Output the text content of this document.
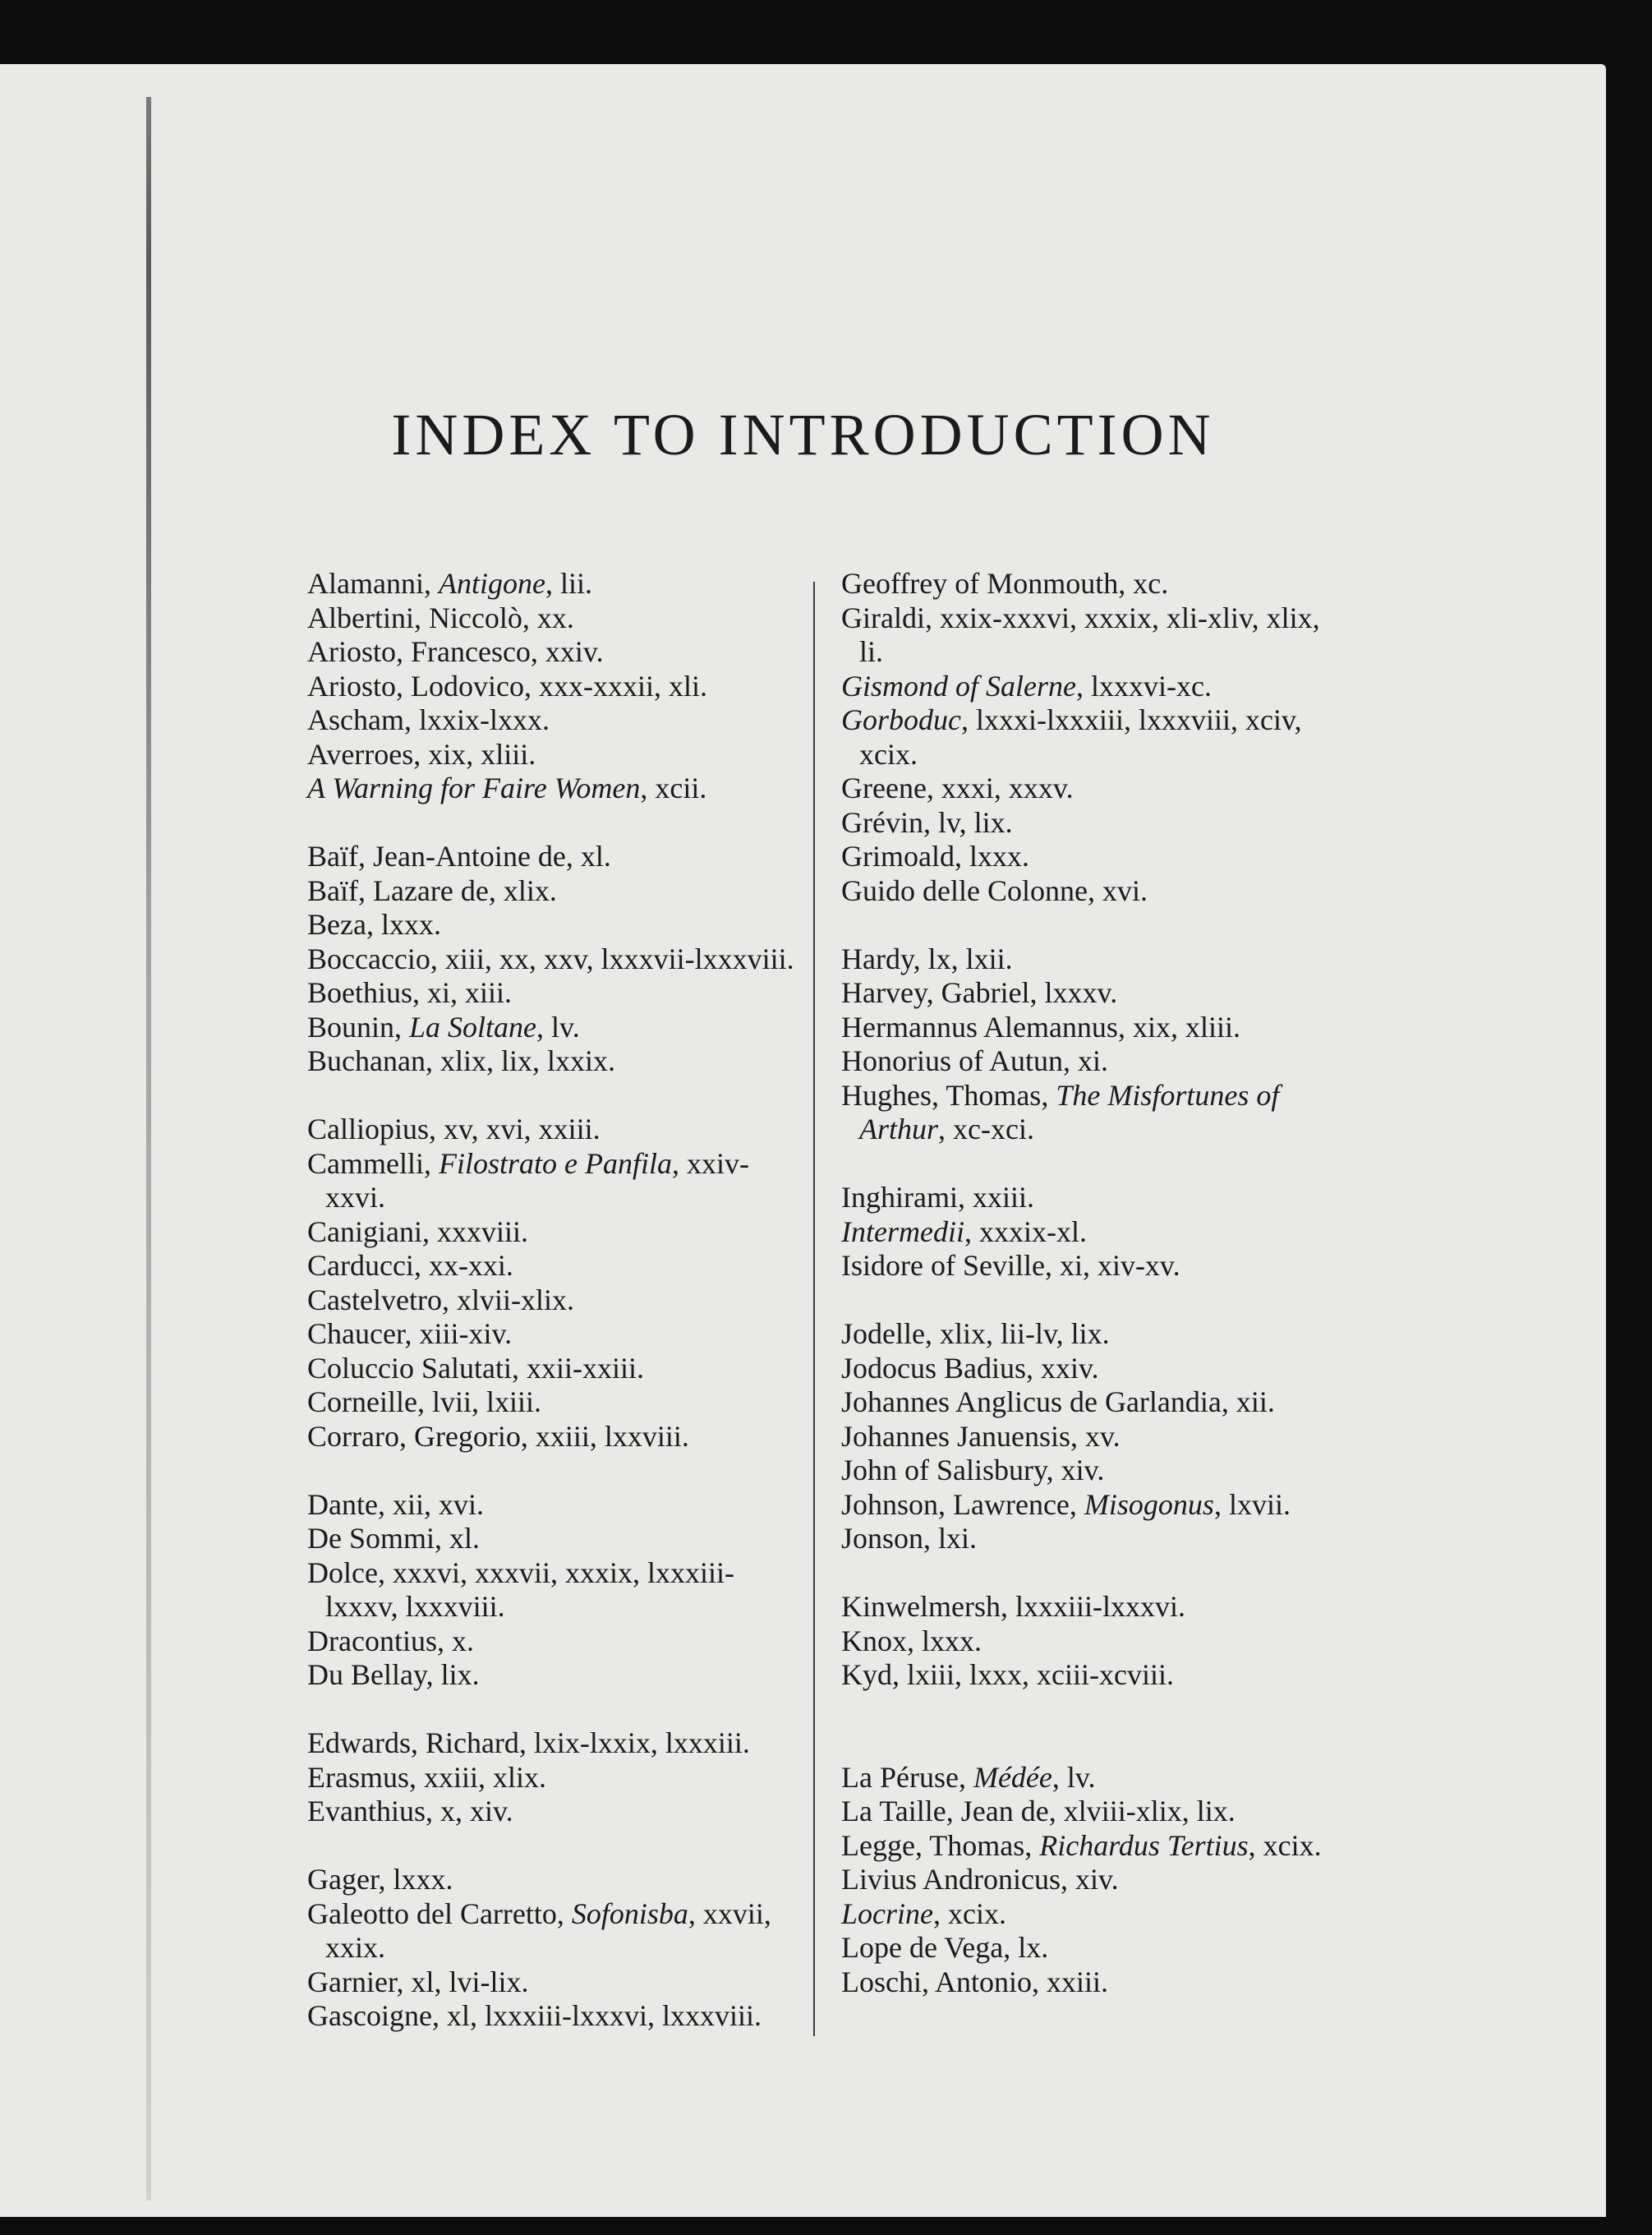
INDEX TO INTRODUCTION
Alamanni, Antigone, lii.
Albertini, Niccolò, xx.
Ariosto, Francesco, xxiv.
Ariosto, Lodovico, xxx-xxxii, xli.
Ascham, lxxix-lxxx.
Averroes, xix, xliii.
A Warning for Faire Women, xcii.
Baïf, Jean-Antoine de, xl.
Baïf, Lazare de, xlix.
Beza, lxxx.
Boccaccio, xiii, xx, xxv, lxxxvii-lxxxviii.
Boethius, xi, xiii.
Bounin, La Soltane, lv.
Buchanan, xlix, lix, lxxix.
Calliopius, xv, xvi, xxiii.
Cammelli, Filostrato e Panfila, xxiv-xxvi.
Canigiani, xxxviii.
Carducci, xx-xxi.
Castelvetro, xlvii-xlix.
Chaucer, xiii-xiv.
Coluccio Salutati, xxii-xxiii.
Corneille, lvii, lxiii.
Corraro, Gregorio, xxiii, lxxviii.
Dante, xii, xvi.
De Sommi, xl.
Dolce, xxxvi, xxxvii, xxxix, lxxxiii-lxxxv, lxxxviii.
Dracontius, x.
Du Bellay, lix.
Edwards, Richard, lxix-lxxix, lxxxiii.
Erasmus, xxiii, xlix.
Evanthius, x, xiv.
Gager, lxxx.
Galeotto del Carretto, Sofonisba, xxvii, xxix.
Garnier, xl, lvi-lix.
Gascoigne, xl, lxxxiii-lxxxvi, lxxxviii.
Geoffrey of Monmouth, xc.
Giraldi, xxix-xxxvi, xxxix, xli-xliv, xlix, li.
Gismond of Salerne, lxxxvi-xc.
Gorboduc, lxxxi-lxxxiii, lxxxviii, xciv, xcix.
Greene, xxxi, xxxv.
Grévin, lv, lix.
Grimoald, lxxx.
Guido delle Colonne, xvi.
Hardy, lx, lxii.
Harvey, Gabriel, lxxxv.
Hermannus Alemannus, xix, xliii.
Honorius of Autun, xi.
Hughes, Thomas, The Misfortunes of Arthur, xc-xci.
Inghirami, xxiii.
Intermedii, xxxix-xl.
Isidore of Seville, xi, xiv-xv.
Jodelle, xlix, lii-lv, lix.
Jodocus Badius, xxiv.
Johannes Anglicus de Garlandia, xii.
Johannes Januensis, xv.
John of Salisbury, xiv.
Johnson, Lawrence, Misogonus, lxvii.
Jonson, lxi.
Kinwelmersh, lxxxiii-lxxxvi.
Knox, lxxx.
Kyd, lxiii, lxxx, xciii-xcviii.
La Péruse, Médée, lv.
La Taille, Jean de, xlviii-xlix, lix.
Legge, Thomas, Richardus Tertius, xcix.
Livius Andronicus, xiv.
Locrine, xcix.
Lope de Vega, lx.
Loschi, Antonio, xxiii.
